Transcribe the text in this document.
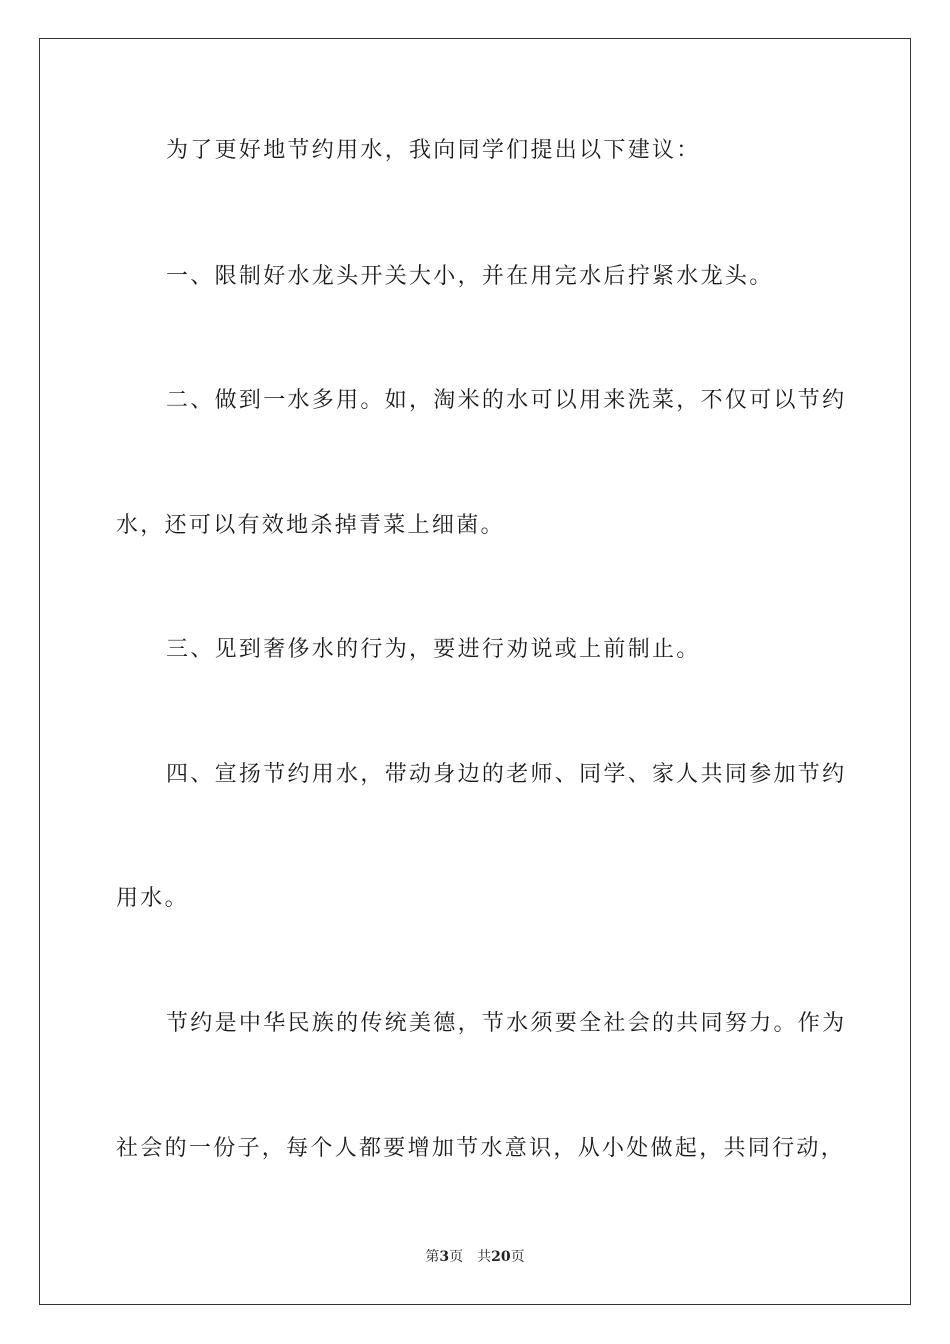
为了更好地节约用水，我向同学们提出以下建议：
一、限制好水龙头开关大小，并在用完水后拧紧水龙头。
二、做到一水多用。如，淘米的水可以用来洗菜，不仅可以节约
水，还可以有效地杀掉青菜上细菌。
三、见到奢侈水的行为，要进行劝说或上前制止。
四、宣扬节约用水，带动身边的老师、同学、家人共同参加节约
用水。
节约是中华民族的传统美德，节水须要全社会的共同努力。作为
社会的一份子，每个人都要增加节水意识，从小处做起，共同行动，
第3页 共20页
